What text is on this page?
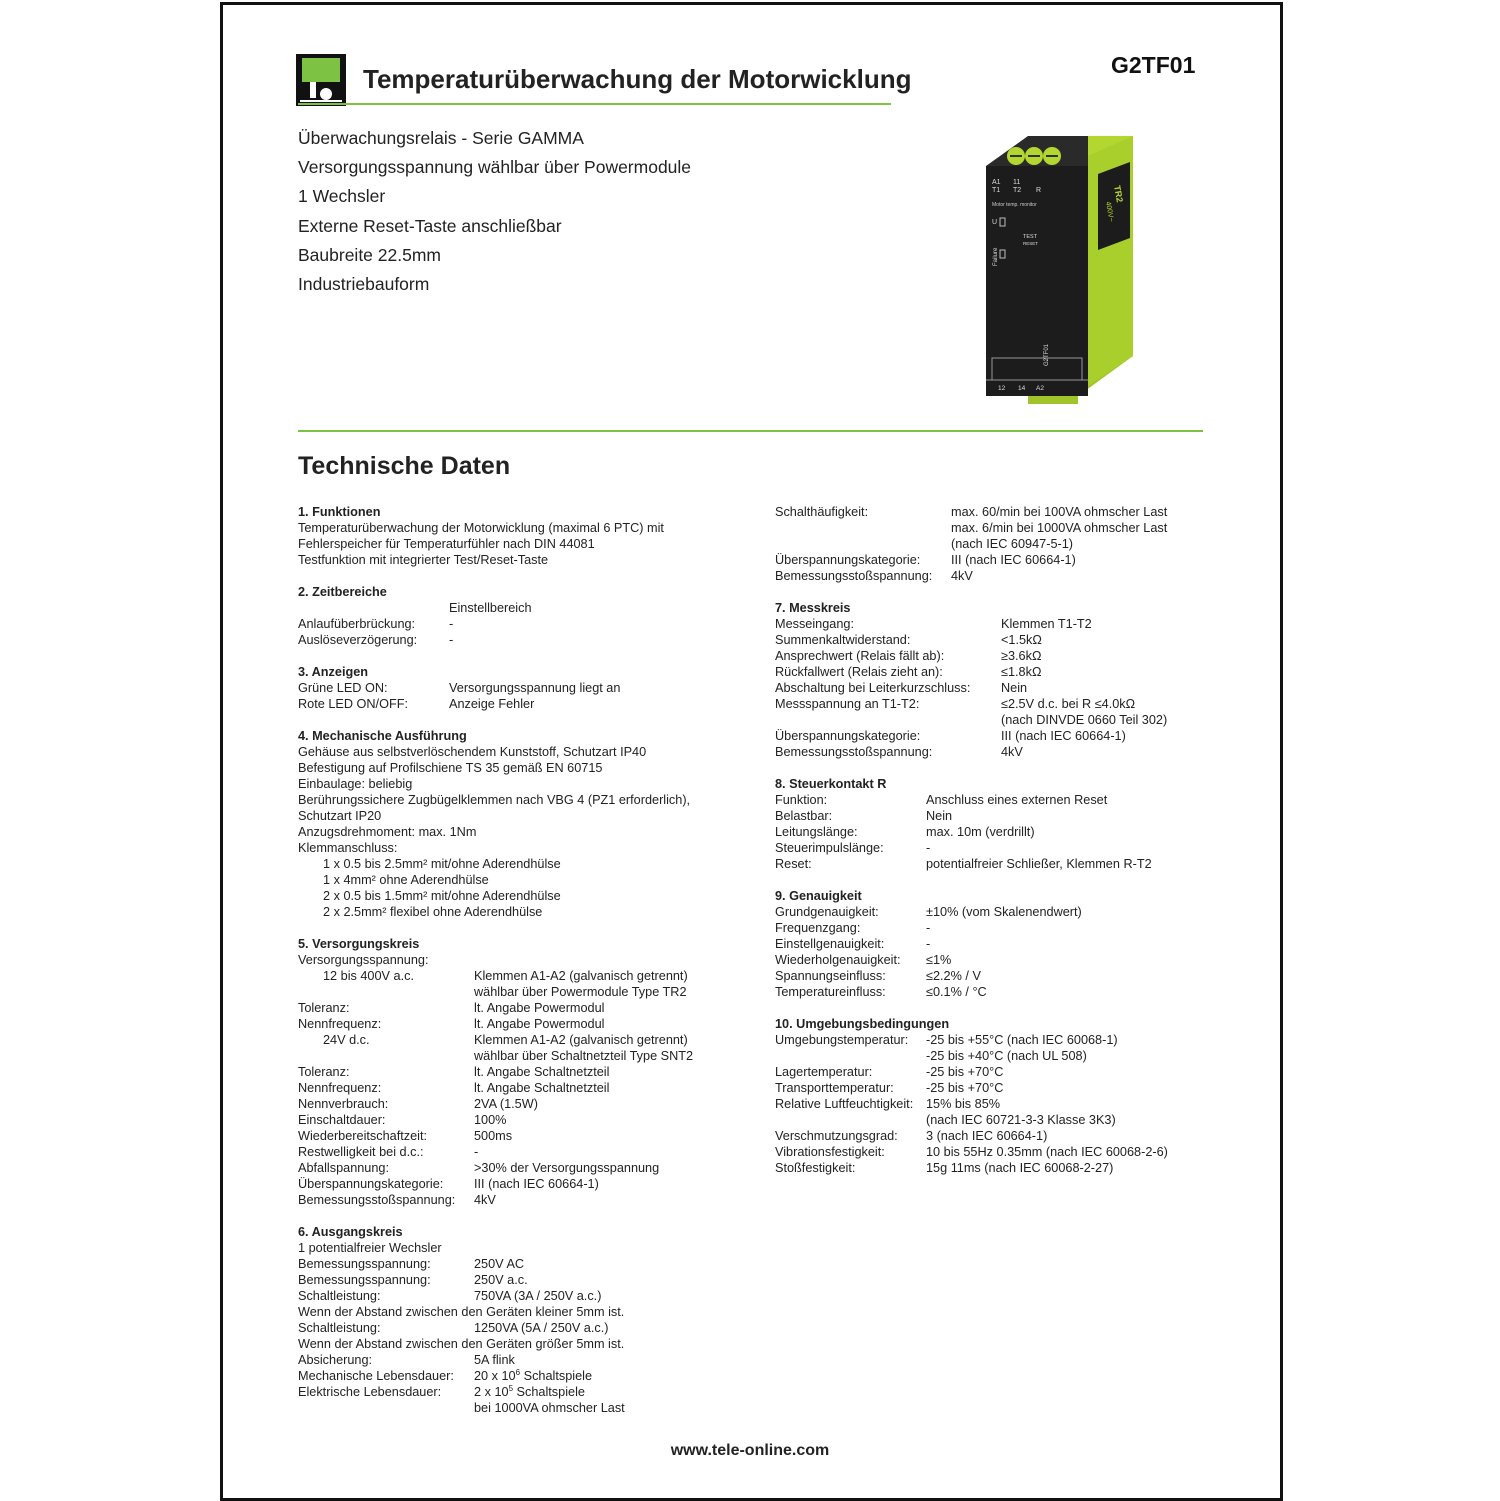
Temperaturüberwachung der Motorwicklung	G2TF01
Überwachungsrelais - Serie GAMMA
Versorgungsspannung wählbar über Powermodule
1 Wechsler
Externe Reset-Taste anschließbar
Baubreite 22.5mm
Industriebauform
A1 11
T1 T2 R
Motor temp. monitor
U
TEST
RESET
Failure
G2TF01
12 14 A2
TR2
400V~
Technische Daten
1. Funktionen
Temperaturüberwachung der Motorwicklung (maximal 6 PTC) mit
Fehlerspeicher für Temperaturfühler nach DIN 44081
Testfunktion mit integrierter Test/Reset-Taste
2. Zeitbereiche
Einstellbereich
Anlaufüberbrückung:	-
Auslöseverzögerung:	-
3. Anzeigen
Grüne LED ON:	Versorgungsspannung liegt an
Rote LED ON/OFF:	Anzeige Fehler
4. Mechanische Ausführung
Gehäuse aus selbstverlöschendem Kunststoff, Schutzart IP40
Befestigung auf Profilschiene TS 35 gemäß EN 60715
Einbaulage: beliebig
Berührungssichere Zugbügelklemmen nach VBG 4 (PZ1 erforderlich),
Schutzart IP20
Anzugsdrehmoment: max. 1Nm
Klemmanschluss:
1 x 0.5 bis 2.5mm² mit/ohne Aderendhülse
1 x 4mm² ohne Aderendhülse
2 x 0.5 bis 1.5mm² mit/ohne Aderendhülse
2 x 2.5mm² flexibel ohne Aderendhülse
5. Versorgungskreis
Versorgungsspannung:
12 bis 400V a.c.	Klemmen A1-A2 (galvanisch getrennt)
wählbar über Powermodule Type TR2
Toleranz:	lt. Angabe Powermodul
Nennfrequenz:	lt. Angabe Powermodul
24V d.c.	Klemmen A1-A2 (galvanisch getrennt)
wählbar über Schaltnetzteil Type SNT2
Toleranz:	lt. Angabe Schaltnetzteil
Nennfrequenz:	lt. Angabe Schaltnetzteil
Nennverbrauch:	2VA (1.5W)
Einschaltdauer:	100%
Wiederbereitschaftzeit:	500ms
Restwelligkeit bei d.c.:	-
Abfallspannung:	>30% der Versorgungsspannung
Überspannungskategorie:	III (nach IEC 60664-1)
Bemessungsstoßspannung:	4kV
6. Ausgangskreis
1 potentialfreier Wechsler
Bemessungsspannung:	250V AC
Bemessungsspannung:	250V a.c.
Schaltleistung:	750VA (3A / 250V a.c.)
Wenn der Abstand zwischen den Geräten kleiner 5mm ist.
Schaltleistung:	1250VA (5A / 250V a.c.)
Wenn der Abstand zwischen den Geräten größer 5mm ist.
Absicherung:	5A flink
Mechanische Lebensdauer:	20 x $10^6$ Schaltspiele
Elektrische Lebensdauer:	2 x $10^5$ Schaltspiele
bei 1000VA ohmscher Last
Schalthäufigkeit:	max. 60/min bei 100VA ohmscher Last
max. 6/min bei 1000VA ohmscher Last
(nach IEC 60947-5-1)
Überspannungskategorie:	III (nach IEC 60664-1)
Bemessungsstoßspannung:	4kV
7. Messkreis
Messeingang:	Klemmen T1-T2
Summenkaltwiderstand:	<1.5kΩ
Ansprechwert (Relais fällt ab):	≥3.6kΩ
Rückfallwert (Relais zieht an):	≤1.8kΩ
Abschaltung bei Leiterkurzschluss:	Nein
Messspannung an T1-T2:	≤2.5V d.c. bei R ≤4.0kΩ
(nach DINVDE 0660 Teil 302)
Überspannungskategorie:	III (nach IEC 60664-1)
Bemessungsstoßspannung:	4kV
8. Steuerkontakt R
Funktion:	Anschluss eines externen Reset
Belastbar:	Nein
Leitungslänge:	max. 10m (verdrillt)
Steuerimpulslänge:	-
Reset:	potentialfreier Schließer, Klemmen R-T2
9. Genauigkeit
Grundgenauigkeit:	±10% (vom Skalenendwert)
Frequenzgang:	-
Einstellgenauigkeit:	-
Wiederholgenauigkeit:	≤1%
Spannungseinfluss:	≤2.2% / V
Temperatureinfluss:	≤0.1% / °C
10. Umgebungsbedingungen
Umgebungstemperatur:	-25 bis +55°C (nach IEC 60068-1)
-25 bis +40°C (nach UL 508)
Lagertemperatur:	-25 bis +70°C
Transporttemperatur:	-25 bis +70°C
Relative Luftfeuchtigkeit:	15% bis 85%
(nach IEC 60721-3-3 Klasse 3K3)
Verschmutzungsgrad:	3 (nach IEC 60664-1)
Vibrationsfestigkeit:	10 bis 55Hz 0.35mm (nach IEC 60068-2-6)
Stoßfestigkeit:	15g 11ms (nach IEC 60068-2-27)
www.tele-online.com
